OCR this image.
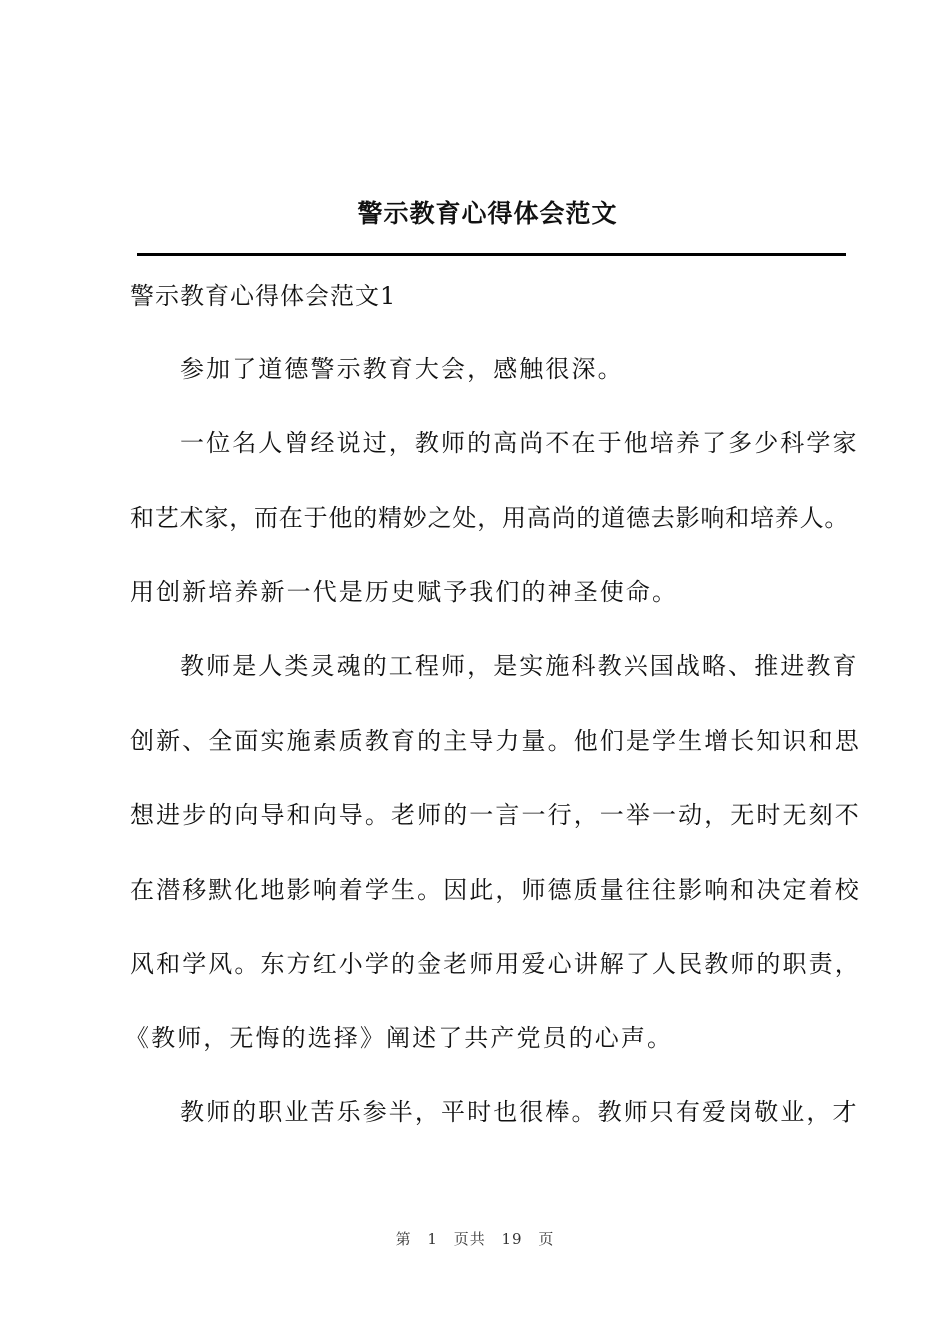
警示教育心得体会范文
警示教育心得体会范文1
参加了道德警示教育大会，感触很深。
一位名人曾经说过，教师的高尚不在于他培养了多少科学家
和艺术家，而在于他的精妙之处，用高尚的道德去影响和培养人。
用创新培养新一代是历史赋予我们的神圣使命。
教师是人类灵魂的工程师，是实施科教兴国战略、推进教育
创新、全面实施素质教育的主导力量。他们是学生增长知识和思
想进步的向导和向导。老师的一言一行，一举一动，无时无刻不
在潜移默化地影响着学生。因此，师德质量往往影响和决定着校
风和学风。东方红小学的金老师用爱心讲解了人民教师的职责，
《教师，无悔的选择》阐述了共产党员的心声。
教师的职业苦乐参半，平时也很棒。教师只有爱岗敬业，才
第 1 页共 19 页
